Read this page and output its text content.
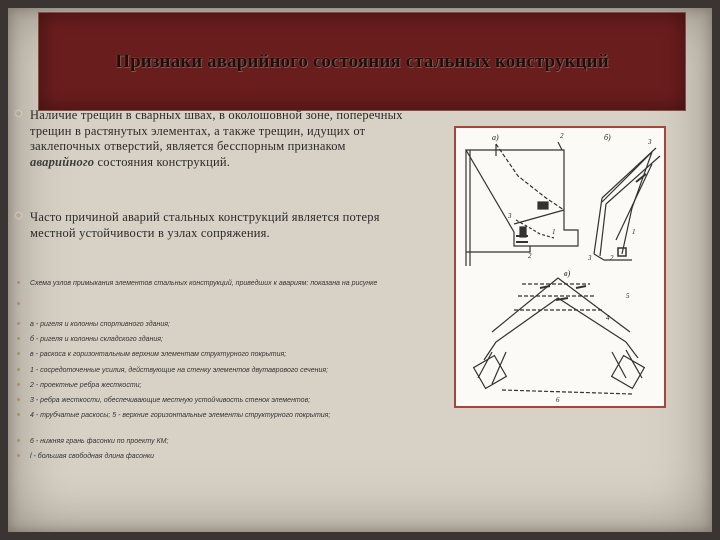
Признаки аварийного состояния стальных конструкций
Наличие трещин в сварных швах, в околошовной зоне, поперечных трещин в растянутых элементах, а также трещин, идущих от заклепочных отверстий, является бесспорным признаком аварийного состояния конструкций.
Часто причиной аварий стальных конструкций является потеря местной устойчивости в узлах сопряжения.
Схема узлов примыкания элементов стальных конструкций, приведших к авариям: показана на рисунке
а - ригеля и колонны спортивного здания;
б - ригеля и колонны складского здания;
в - раскоса к горизонтальным верхним элементам структурного покрытия;
1 - сосредоточенные усилия, действующие на стенку элементов двутаврового сечения;
2 - проектные ребра жесткости;
3 - ребра жесткости, обеспечивающие местную устойчивость стенок элементов;
4 - трубчатые раскосы; 5 - верхние горизонтальные элементы структурного покрытия;
6 - нижняя грань фасонки по проекту КМ;
l - большая свободная длина фасонки
а)	2
2
1
3
б)	3
3
1
2
в)
5
4
6
